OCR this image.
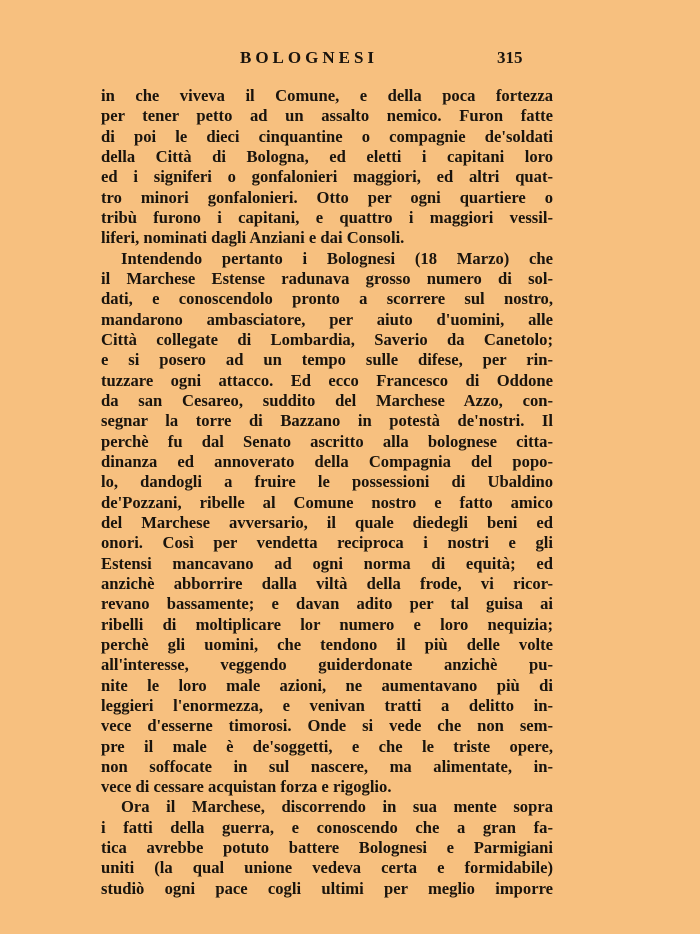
BOLOGNESI	315
in che viveva il Comune, e della poca fortezza
per tener petto ad un assalto nemico. Furon fatte
di poi le dieci cinquantine o compagnie de'soldati
della Città di Bologna, ed eletti i capitani loro
ed i signiferi o gonfalonieri maggiori, ed altri quat-
tro minori gonfalonieri. Otto per ogni quartiere o
tribù furono i capitani, e quattro i maggiori vessil-
liferi, nominati dagli Anziani e dai Consoli.
Intendendo pertanto i Bolognesi (18 Marzo) che
il Marchese Estense radunava grosso numero di sol-
dati, e conoscendolo pronto a scorrere sul nostro,
mandarono ambasciatore, per aiuto d'uomini, alle
Città collegate di Lombardia, Saverio da Canetolo;
e si posero ad un tempo sulle difese, per rin-
tuzzare ogni attacco. Ed ecco Francesco di Oddone
da san Cesareo, suddito del Marchese Azzo, con-
segnar la torre di Bazzano in potestà de'nostri. Il
perchè fu dal Senato ascritto alla bolognese citta-
dinanza ed annoverato della Compagnia del popo-
lo, dandogli a fruire le possessioni di Ubaldino
de'Pozzani, ribelle al Comune nostro e fatto amico
del Marchese avversario, il quale diedegli beni ed
onori. Così per vendetta reciproca i nostri e gli
Estensi mancavano ad ogni norma di equità; ed
anzichè abborrire dalla viltà della frode, vi ricor-
revano bassamente; e davan adito per tal guisa ai
ribelli di moltiplicare lor numero e loro nequizia;
perchè gli uomini, che tendono il più delle volte
all'interesse, veggendo guiderdonate anzichè pu-
nite le loro male azioni, ne aumentavano più di
leggieri l'enormezza, e venivan tratti a delitto in-
vece d'esserne timorosi. Onde si vede che non sem-
pre il male è de'soggetti, e che le triste opere,
non soffocate in sul nascere, ma alimentate, in-
vece di cessare acquistan forza e rigoglio.
Ora il Marchese, discorrendo in sua mente sopra
i fatti della guerra, e conoscendo che a gran fa-
tica avrebbe potuto battere Bolognesi e Parmigiani
uniti (la qual unione vedeva certa e formidabile)
studiò ogni pace cogli ultimi per meglio imporre
